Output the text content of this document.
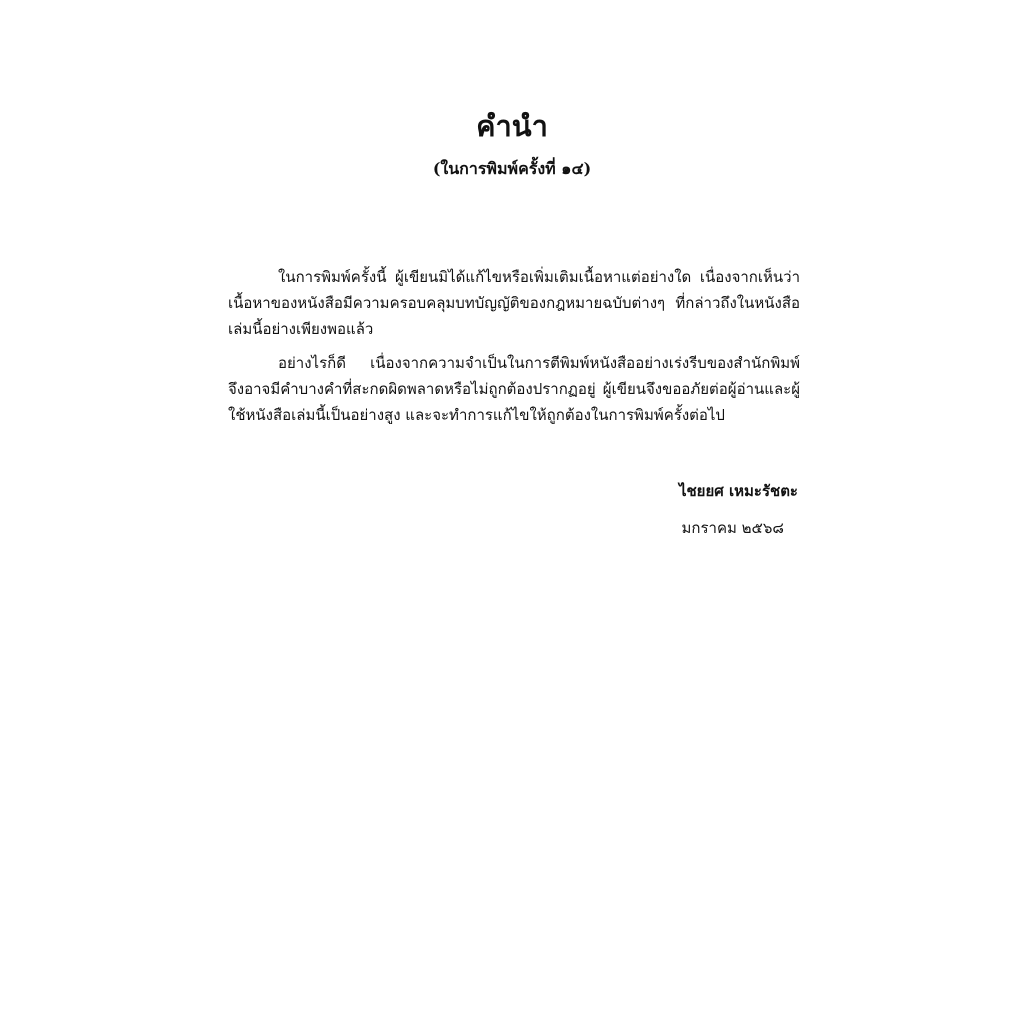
คำนำ
(ในการพิมพ์ครั้งที่ ๑๔)

ในการพิมพ์ครั้งนี้ ผู้เขียนมิได้แก้ไขหรือเพิ่มเติมเนื้อหาแต่อย่างใด เนื่องจากเห็นว่าเนื้อหาของหนังสือมีความครอบคลุมบทบัญญัติของกฎหมายฉบับต่างๆ ที่กล่าวถึงในหนังสือเล่มนี้อย่างเพียงพอแล้ว

อย่างไรก็ดี เนื่องจากความจำเป็นในการตีพิมพ์หนังสืออย่างเร่งรีบของสำนักพิมพ์ จึงอาจมีคำบางคำที่สะกดผิดพลาดหรือไม่ถูกต้องปรากฏอยู่ ผู้เขียนจึงขออภัยต่อผู้อ่านและผู้ใช้หนังสือเล่มนี้เป็นอย่างสูง และจะทำการแก้ไขให้ถูกต้องในการพิมพ์ครั้งต่อไป

ไชยยศ เหมะรัชตะ
มกราคม ๒๕๖๘
